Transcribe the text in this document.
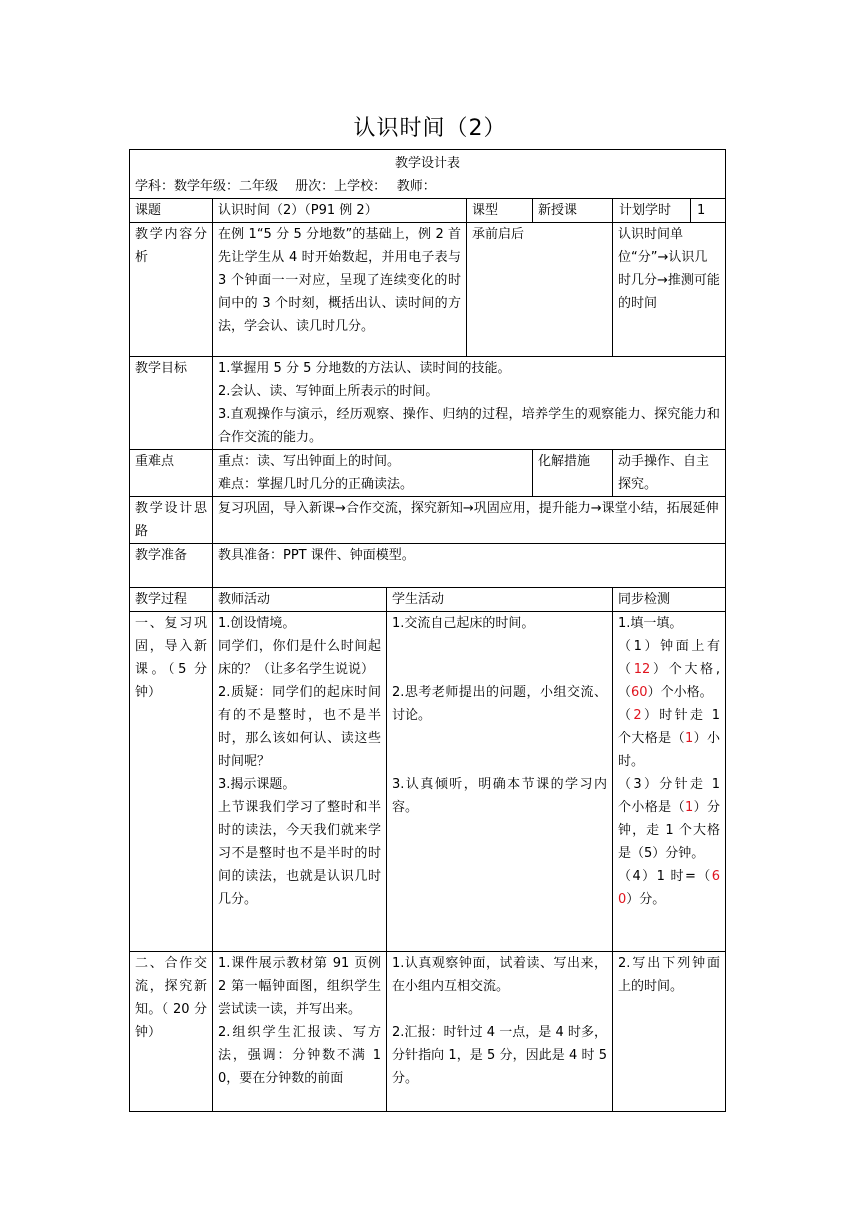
认识时间（2）
教学设计表
学科：数学年级：二年级　 册次：上学校：　 教师：					

课题	认识时间（2）（P91 例 2）		课型	新授课	计划学时 1

教学内容分析	在例 1“5 分 5 分地数”的基础上，例 2 首先让学生从 4 时开始数起，并用电子表与 3 个钟面一一对应，呈现了连续变化的时间中的 3 个时刻，概括出认、读时间的方法，学会认、读几时几分。		承前启后		认识时间单位“分”→认识几时几分→推测可能的时间
教学目标	1.掌握用 5 分 5 分地数的方法认、读时间的技能。
2.会认、读、写钟面上所表示的时间。
3.直观操作与演示，经历观察、操作、归纳的过程，培养学生的观察能力、探究能力和合作交流的能力。				

重难点	重点：读、写出钟面上的时间。
难点：掌握几时几分的正确读法。			化解措施	动手操作、自主探究。
教学设计思路	复习巩固，导入新课→合作交流，探究新知→巩固应用，提升能力→课堂小结，拓展延伸				
教学准备	教具准备：PPT 课件、钟面模型。				
教学过程	教师活动	学生活动			同步检测
一、复习巩固，导入新课。（5 分钟）	1.创设情境。
同学们，你们是什么时间起床的？（让多名学生说说）
2.质疑：同学们的起床时间有的不是整时，也不是半时，那么该如何认、读这些时间呢？
3.揭示课题。
上节课我们学习了整时和半时的读法，今天我们就来学习不是整时也不是半时的时间的读法，也就是认识几时几分。	1.交流自己起床的时间。
2.思考老师提出的问题，小组交流、讨论。
3.认真倾听，明确本节课的学习内容。			1.填一填。
（1）钟面上有（12）个大格,（60）个小格。
（2）时针走 1 个大格是（1）小时。
（3）分针走 1 个小格是（1）分钟，走 1 个大格是（5）分钟。
（4）1 时=（60）分。

二、合作交流，探究新知。（ 20 分钟）	1.课件展示教材第 91 页例 2 第一幅钟面图，组织学生尝试读一读，并写出来。
2.组织学生汇报读、写方法，强调：分钟数不满 10，要在分钟数的前面	1.认真观察钟面，试着读、写出来，在小组内互相交流。
2.汇报：时针过 4 一点，是 4 时多，分针指向 1，是 5 分，因此是 4 时 5 分。			2.写出下列钟面上的时间。
